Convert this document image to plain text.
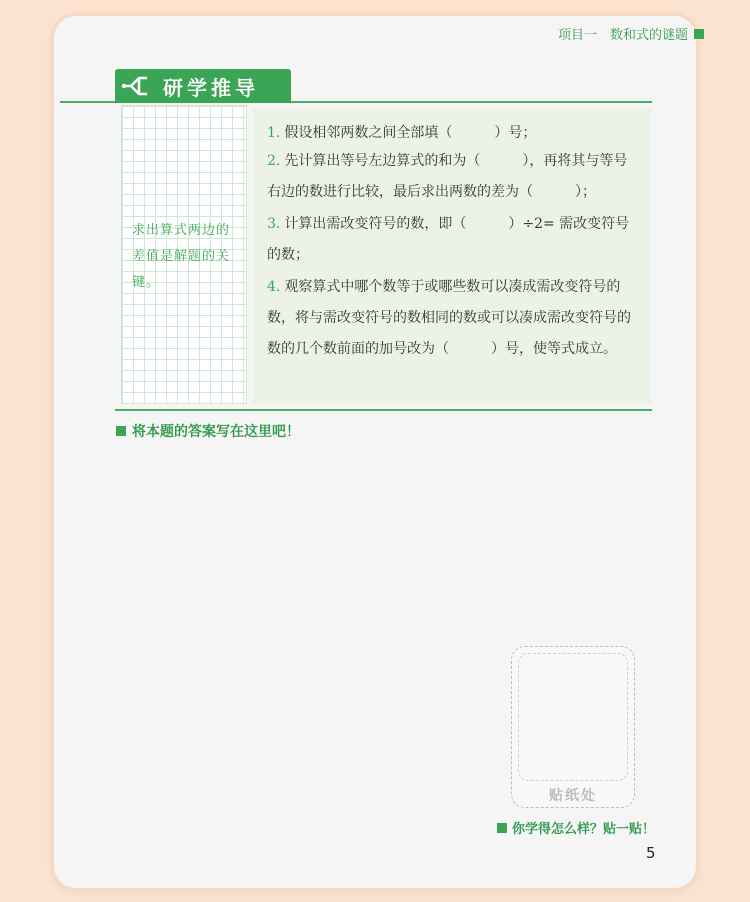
项目一　数和式的谜题
研学推导
求出算式两边的差值是解题的关键。
1. 假设相邻两数之间全部填（　　　）号；
2. 先计算出等号左边算式的和为（　　　），再将其与等号右边的数进行比较，最后求出两数的差为（　　　）；
3. 计算出需改变符号的数，即（　　　）÷2= 需改变符号的数；
4. 观察算式中哪个数等于或哪些数可以凑成需改变符号的数，将与需改变符号的数相同的数或可以凑成需改变符号的数的几个数前面的加号改为（　　　）号，使等式成立。
将本题的答案写在这里吧！
贴纸处
你学得怎么样？贴一贴！
5
